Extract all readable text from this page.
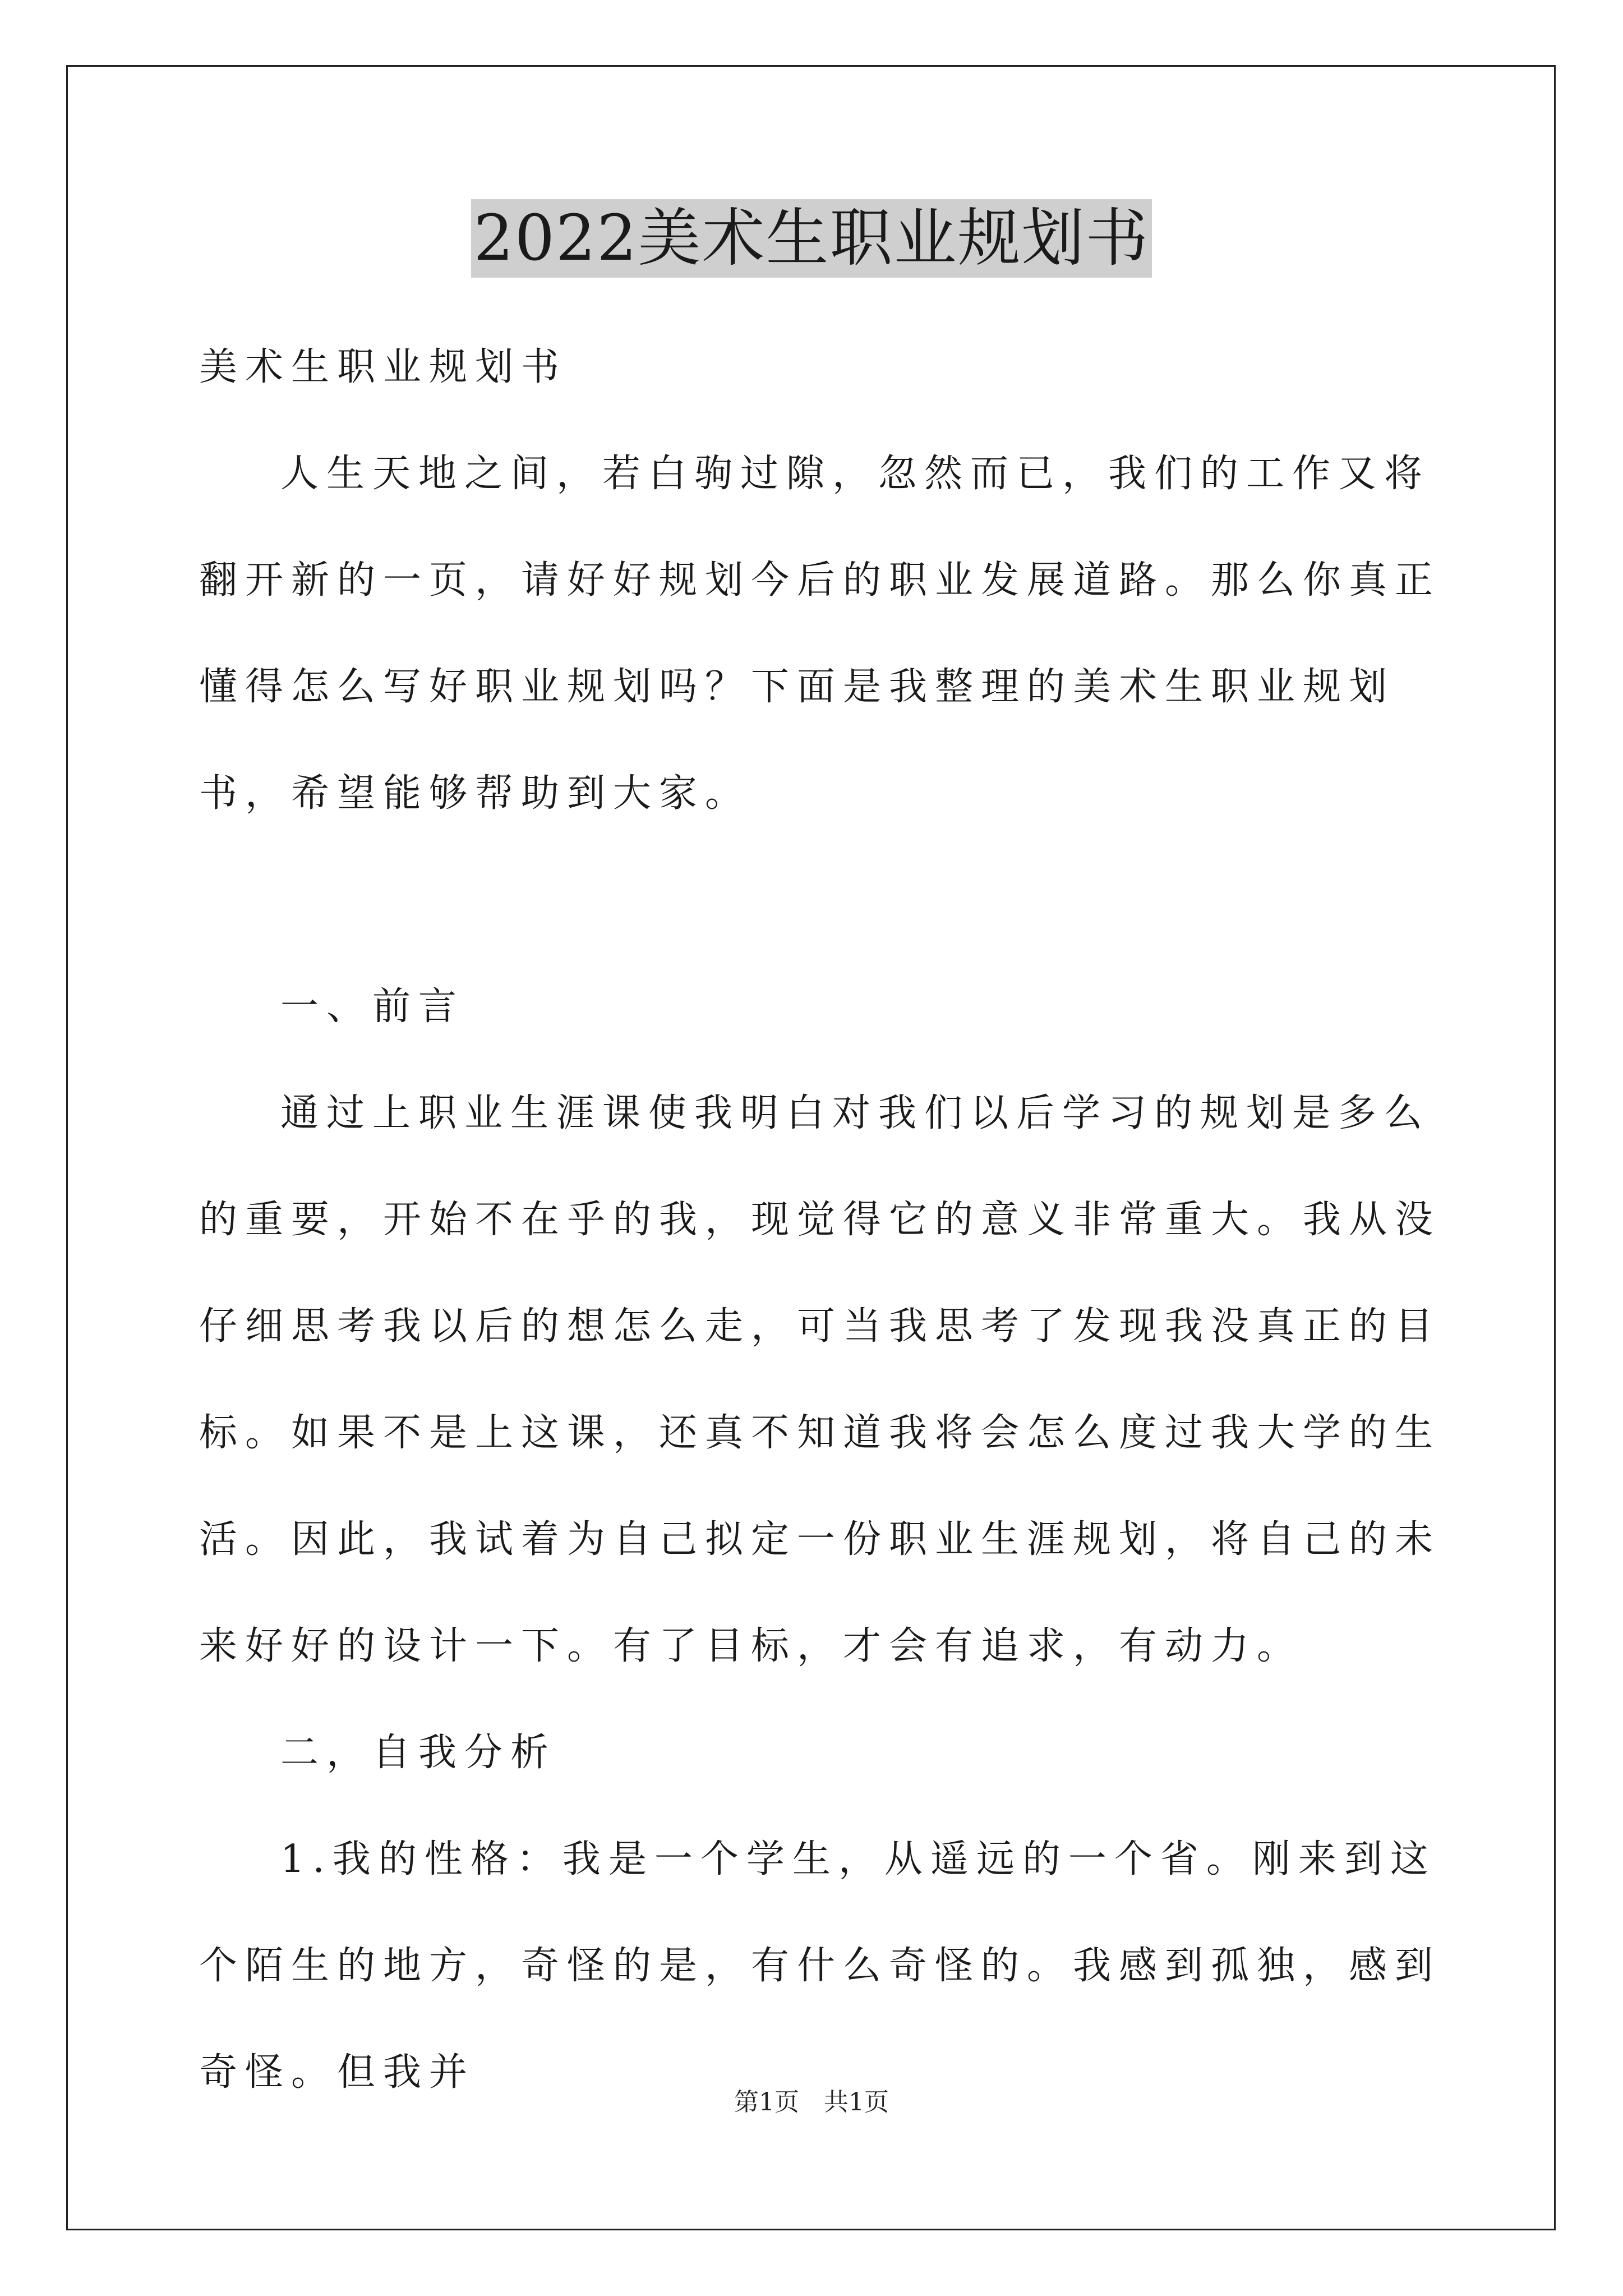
2022美术生职业规划书

美术生职业规划书

人生天地之间，若白驹过隙，忽然而已，我们的工作又将翻开新的一页，请好好规划今后的职业发展道路。那么你真正懂得怎么写好职业规划吗？下面是我整理的美术生职业规划书，希望能够帮助到大家。

一、前言

通过上职业生涯课使我明白对我们以后学习的规划是多么的重要，开始不在乎的我，现觉得它的意义非常重大。我从没仔细思考我以后的想怎么走，可当我思考了发现我没真正的目标。如果不是上这课，还真不知道我将会怎么度过我大学的生活。因此，我试着为自己拟定一份职业生涯规划，将自己的未来好好的设计一下。有了目标，才会有追求，有动力。

二，自我分析

1.我的性格：我是一个学生，从遥远的一个省。刚来到这个陌生的地方，奇怪的是，有什么奇怪的。我感到孤独，感到奇怪。但我并

第1页 共1页
